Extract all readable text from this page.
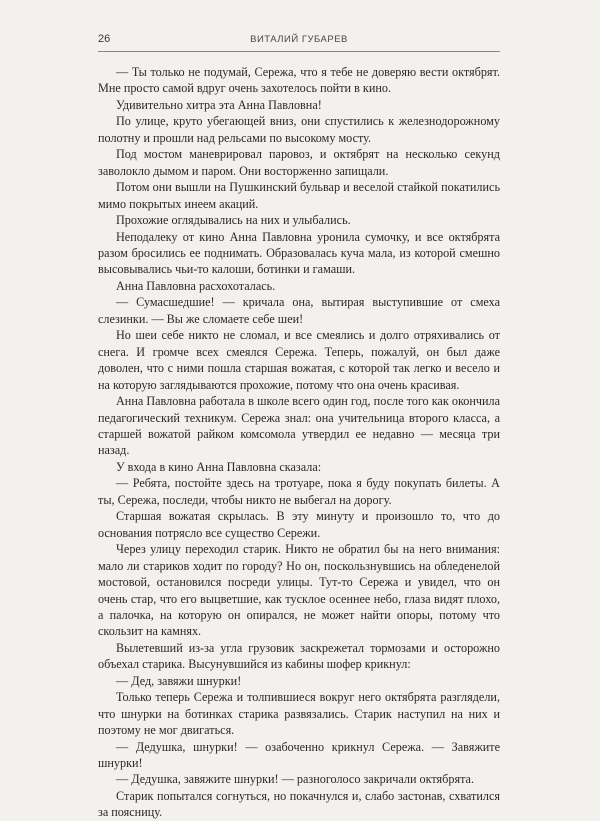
26	ВИТАЛИЙ ГУБАРЕВ

— Ты только не подумай, Сережа, что я тебе не доверяю вести октябрят. Мне просто самой вдруг очень захотелось пойти в кино.

Удивительно хитра эта Анна Павловна!

По улице, круто убегающей вниз, они спустились к железнодорожному полотну и прошли над рельсами по высокому мосту.

Под мостом маневрировал паровоз, и октябрят на несколько секунд заволокло дымом и паром. Они восторженно запищали.

Потом они вышли на Пушкинский бульвар и веселой стайкой покатились мимо покрытых инеем акаций.

Прохожие оглядывались на них и улыбались.

Неподалеку от кино Анна Павловна уронила сумочку, и все октябрята разом бросились ее поднимать. Образовалась куча мала, из которой смешно высовывались чьи-то калоши, ботинки и гамаши.

Анна Павловна расхохоталась.

— Сумасшедшие! — кричала она, вытирая выступившие от смеха слезинки. — Вы же сломаете себе шеи!

Но шеи себе никто не сломал, и все смеялись и долго отряхивались от снега. И громче всех смеялся Сережа. Теперь, пожалуй, он был даже доволен, что с ними пошла старшая вожатая, с которой так легко и весело и на которую заглядываются прохожие, потому что она очень красивая.

Анна Павловна работала в школе всего один год, после того как окончила педагогический техникум. Сережа знал: она учительница второго класса, а старшей вожатой райком комсомола утвердил ее недавно — месяца три назад.

У входа в кино Анна Павловна сказала:

— Ребята, постойте здесь на тротуаре, пока я буду покупать билеты. А ты, Сережа, последи, чтобы никто не выбегал на дорогу.

Старшая вожатая скрылась. В эту минуту и произошло то, что до основания потрясло все существо Сережи.

Через улицу переходил старик. Никто не обратил бы на него внимания: мало ли стариков ходит по городу? Но он, поскользнувшись на обледенелой мостовой, остановился посреди улицы. Тут-то Сережа и увидел, что он очень стар, что его выцветшие, как тусклое осеннее небо, глаза видят плохо, а палочка, на которую он опирался, не может найти опоры, потому что скользит на камнях.

Вылетевший из-за угла грузовик заскрежетал тормозами и осторожно объехал старика. Высунувшийся из кабины шофер крикнул:

— Дед, завяжи шнурки!

Только теперь Сережа и толпившиеся вокруг него октябрята разглядели, что шнурки на ботинках старика развязались. Старик наступил на них и поэтому не мог двигаться.

— Дедушка, шнурки! — озабоченно крикнул Сережа. — Завяжите шнурки!

— Дедушка, завяжите шнурки! — разноголосо закричали октябрята.

Старик попытался согнуться, но покачнулся и, слабо застонав, схватился за поясницу.
